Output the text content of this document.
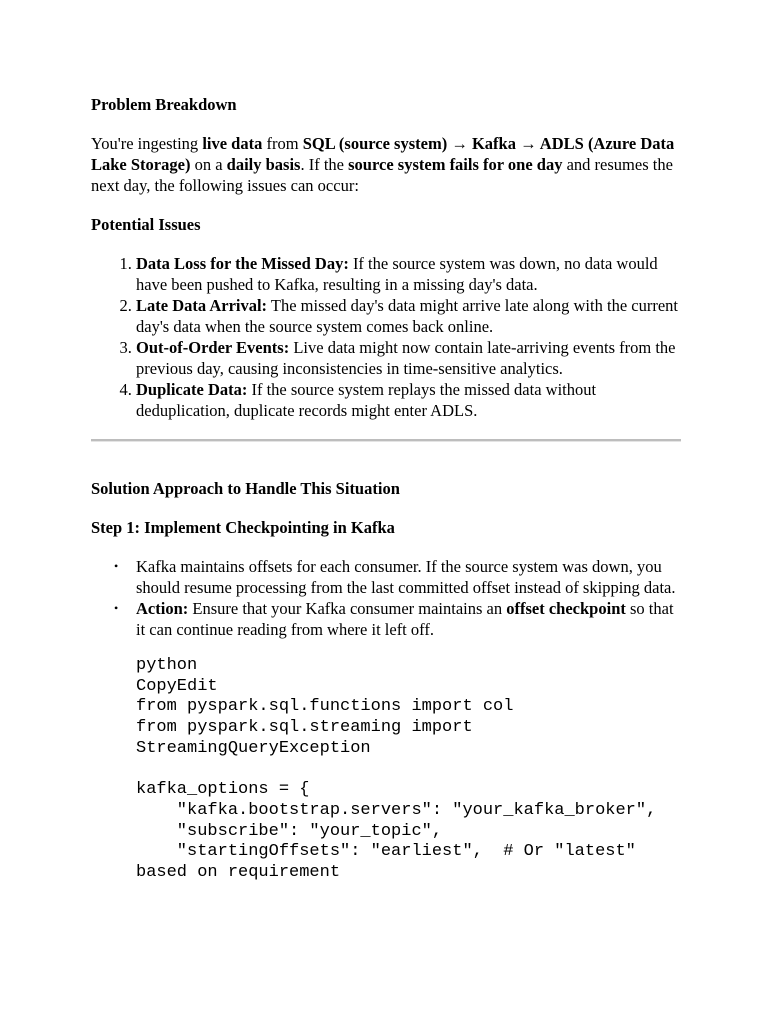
Problem Breakdown

You're ingesting live data from SQL (source system) → Kafka → ADLS (Azure Data Lake Storage) on a daily basis. If the source system fails for one day and resumes the next day, the following issues can occur:

Potential Issues

1. Data Loss for the Missed Day: If the source system was down, no data would have been pushed to Kafka, resulting in a missing day's data.
2. Late Data Arrival: The missed day's data might arrive late along with the current day's data when the source system comes back online.
3. Out-of-Order Events: Live data might now contain late-arriving events from the previous day, causing inconsistencies in time-sensitive analytics.
4. Duplicate Data: If the source system replays the missed data without deduplication, duplicate records might enter ADLS.

Solution Approach to Handle This Situation

Step 1: Implement Checkpointing in Kafka

• Kafka maintains offsets for each consumer. If the source system was down, you should resume processing from the last committed offset instead of skipping data.
• Action: Ensure that your Kafka consumer maintains an offset checkpoint so that it can continue reading from where it left off.
python
CopyEdit
from pyspark.sql.functions import col
from pyspark.sql.streaming import
StreamingQueryException

kafka_options = {
"kafka.bootstrap.servers": "your_kafka_broker",
"subscribe": "your_topic",
"startingOffsets": "earliest",  # Or "latest"
based on requirement
